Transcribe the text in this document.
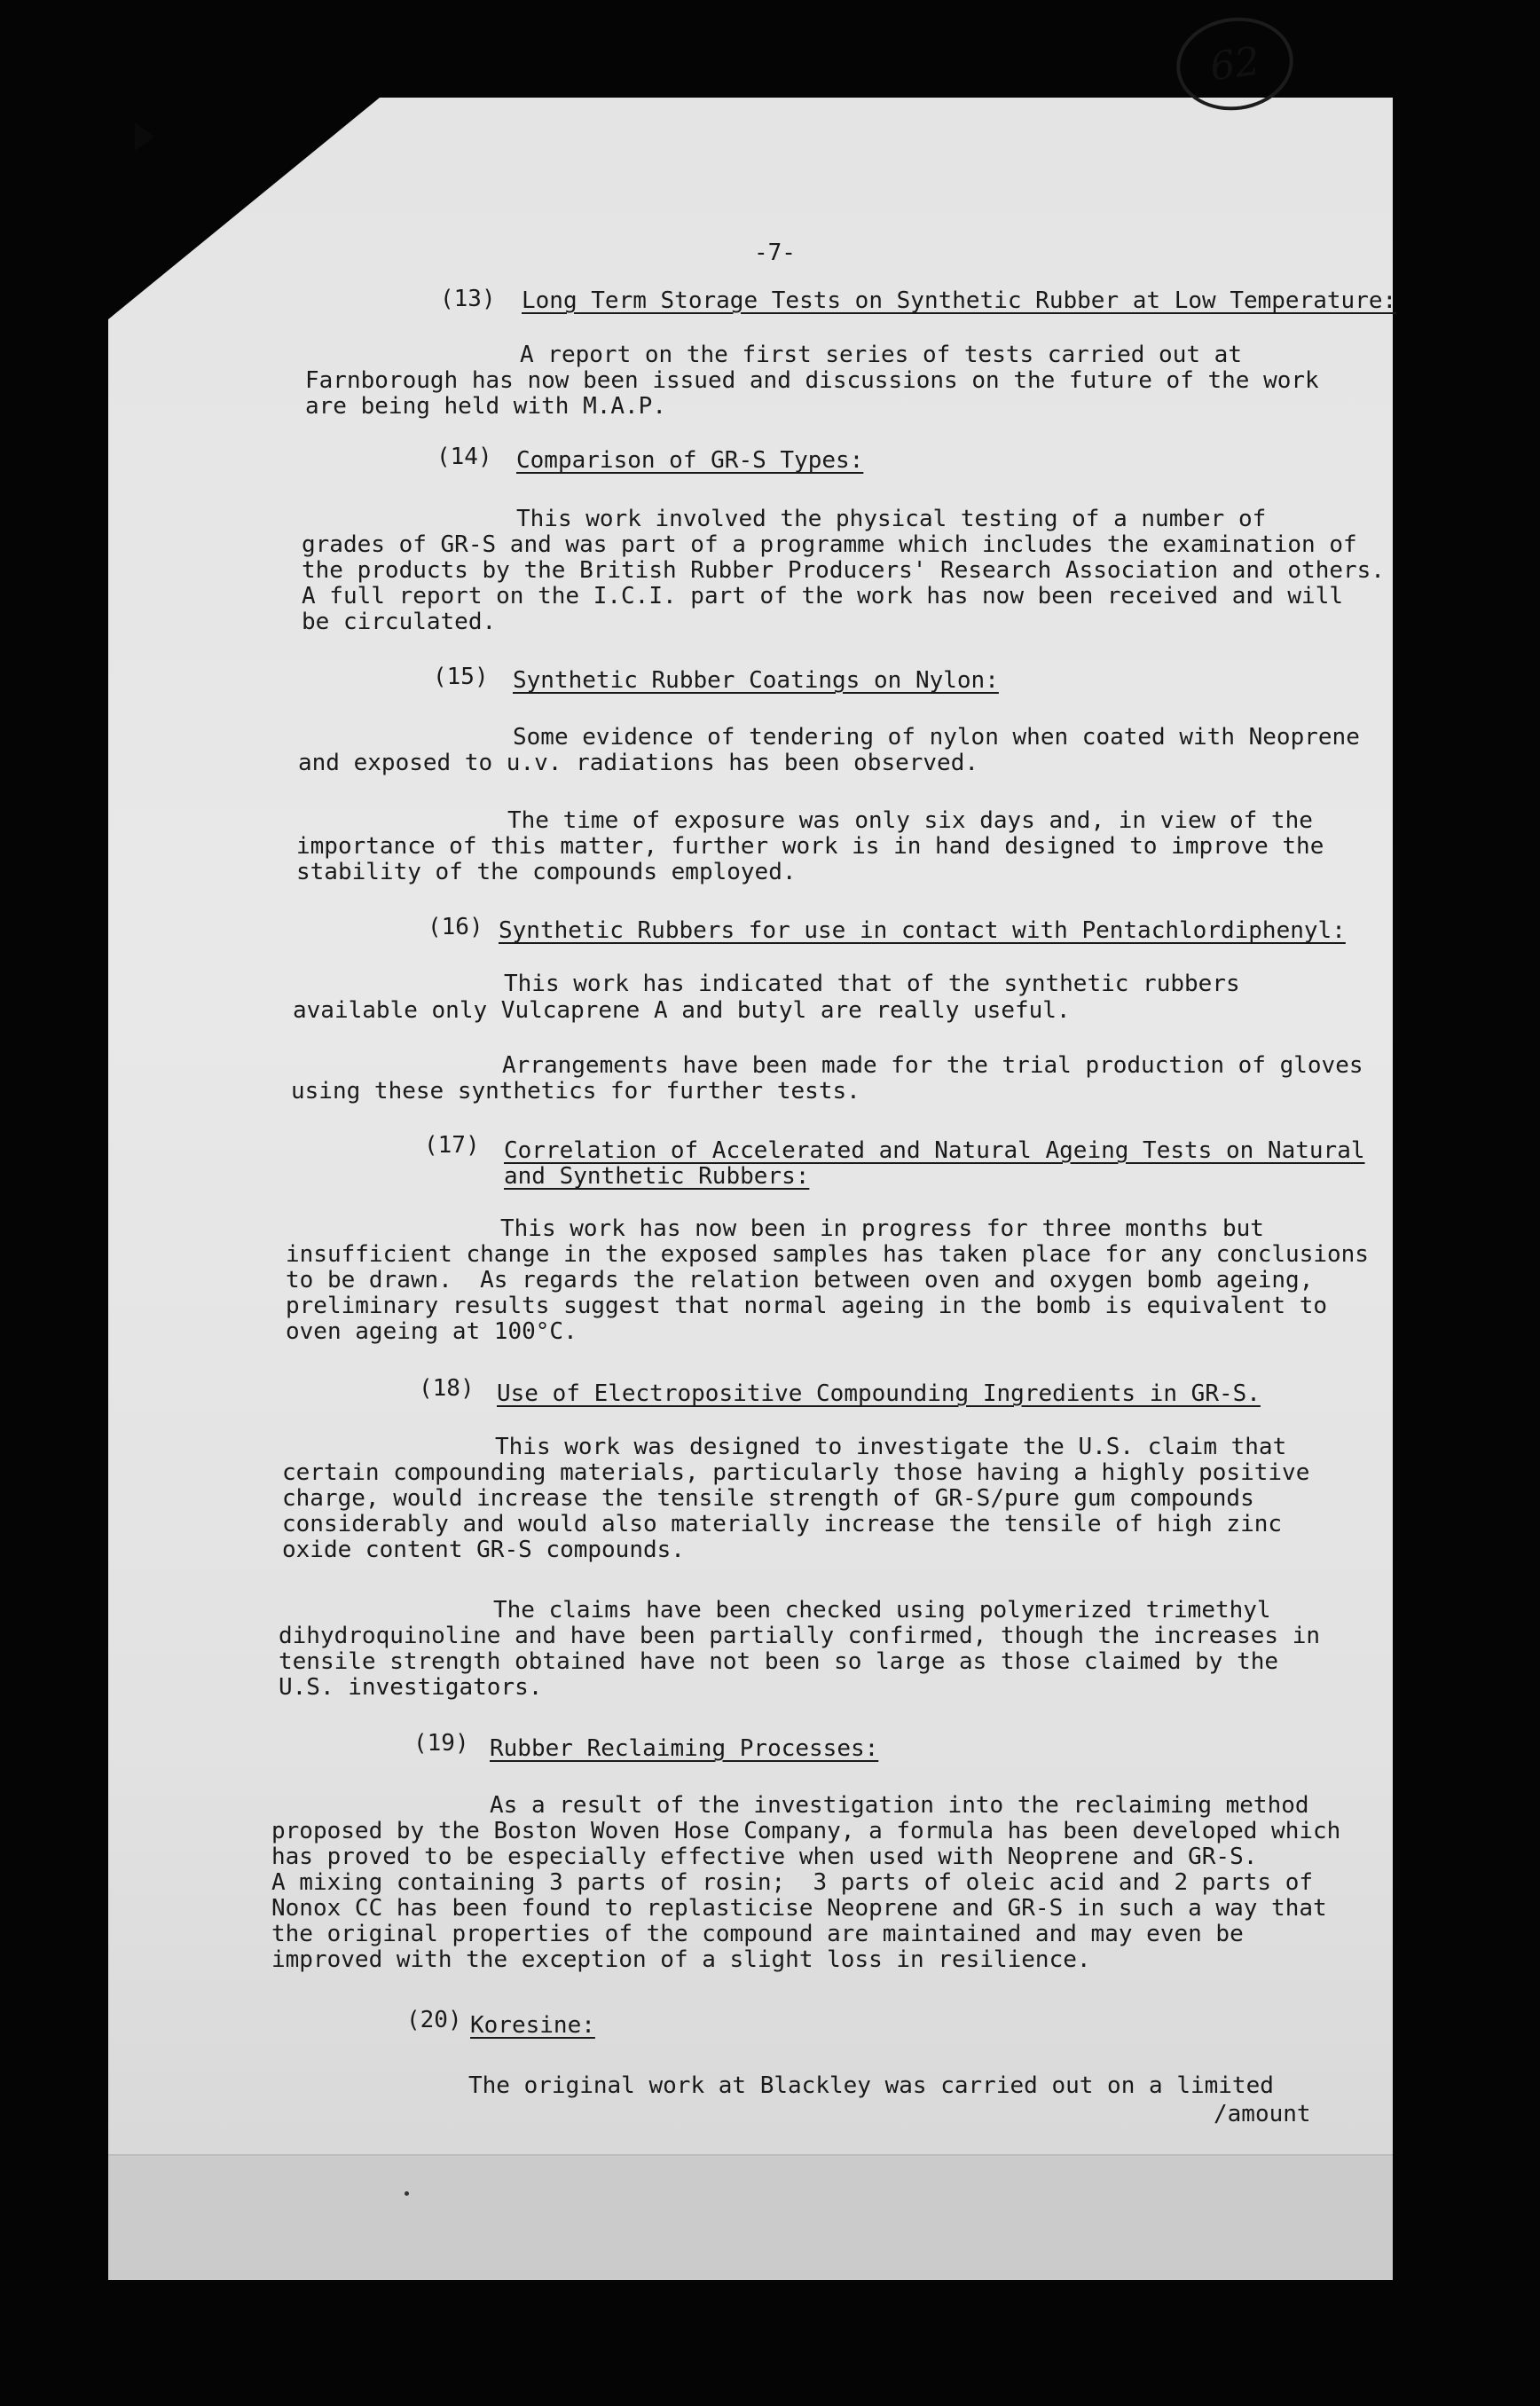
62
-7-
(13) Long Term Storage Tests on Synthetic Rubber at Low Temperature:
A report on the first series of tests carried out at
Farnborough has now been issued and discussions on the future of the work
are being held with M.A.P.
(14) Comparison of GR-S Types:
This work involved the physical testing of a number of
grades of GR-S and was part of a programme which includes the examination of
the products by the British Rubber Producers' Research Association and others.
A full report on the I.C.I. part of the work has now been received and will
be circulated.
(15) Synthetic Rubber Coatings on Nylon:
Some evidence of tendering of nylon when coated with Neoprene
and exposed to u.v. radiations has been observed.
The time of exposure was only six days and, in view of the
importance of this matter, further work is in hand designed to improve the
stability of the compounds employed.
(16) Synthetic Rubbers for use in contact with Pentachlordiphenyl:
This work has indicated that of the synthetic rubbers
available only Vulcaprene A and butyl are really useful.
Arrangements have been made for the trial production of gloves
using these synthetics for further tests.
(17) Correlation of Accelerated and Natural Ageing Tests on Natural
and Synthetic Rubbers:
This work has now been in progress for three months but
insufficient change in the exposed samples has taken place for any conclusions
to be drawn.  As regards the relation between oven and oxygen bomb ageing,
preliminary results suggest that normal ageing in the bomb is equivalent to
oven ageing at 100°C.
(18) Use of Electropositive Compounding Ingredients in GR-S.
This work was designed to investigate the U.S. claim that
certain compounding materials, particularly those having a highly positive
charge, would increase the tensile strength of GR-S/pure gum compounds
considerably and would also materially increase the tensile of high zinc
oxide content GR-S compounds.
The claims have been checked using polymerized trimethyl
dihydroquinoline and have been partially confirmed, though the increases in
tensile strength obtained have not been so large as those claimed by the
U.S. investigators.
(19) Rubber Reclaiming Processes:
As a result of the investigation into the reclaiming method
proposed by the Boston Woven Hose Company, a formula has been developed which
has proved to be especially effective when used with Neoprene and GR-S.
A mixing containing 3 parts of rosin;  3 parts of oleic acid and 2 parts of
Nonox CC has been found to replasticise Neoprene and GR-S in such a way that
the original properties of the compound are maintained and may even be
improved with the exception of a slight loss in resilience.
(20) Koresine:
The original work at Blackley was carried out on a limited
/amount
